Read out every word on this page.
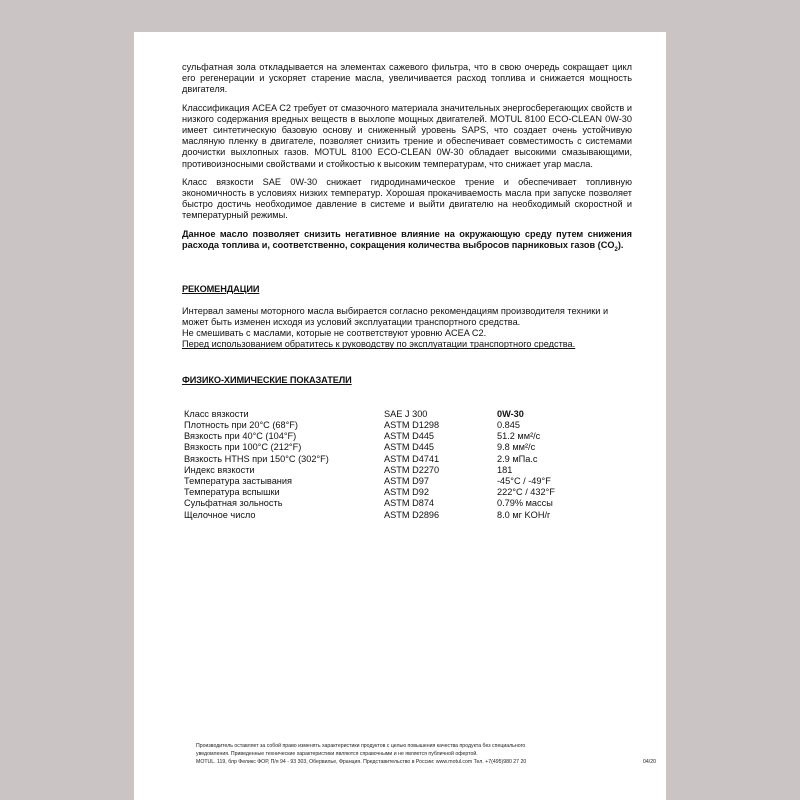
сульфатная зола откладывается на элементах сажевого фильтра, что в свою очередь сокращает цикл его регенерации и ускоряет старение масла, увеличивается расход топлива и снижается мощность двигателя.

Классификация ACEA C2 требует от смазочного материала значительных энергосберегающих свойств и низкого содержания вредных веществ в выхлопе мощных двигателей. MOTUL 8100 ECO-CLEAN 0W-30 имеет синтетическую базовую основу и сниженный уровень SAPS, что создает очень устойчивую масляную пленку в двигателе, позволяет снизить трение и обеспечивает совместимость с системами доочистки выхлопных газов. MOTUL 8100 ECO-CLEAN 0W-30 обладает высокими смазывающими, противоизносными свойствами и стойкостью к высоким температурам, что снижает угар масла.

Класс вязкости SAE 0W-30 снижает гидродинамическое трение и обеспечивает топливную экономичность в условиях низких температур. Хорошая прокачиваемость масла при запуске позволяет быстро достичь необходимое давление в системе и выйти двигателю на необходимый скоростной и температурный режимы.

Данное масло позволяет снизить негативное влияние на окружающую среду путем снижения расхода топлива и, соответственно, сокращения количества выбросов парниковых газов $(CO_2)$.

РЕКОМЕНДАЦИИ

Интервал замены моторного масла выбирается согласно рекомендациям производителя техники и может быть изменен исходя из условий эксплуатации транспортного средства.

Не смешивать с маслами, которые не соответствуют уровню ACEA C2.

Перед использованием обратитесь к руководству по эксплуатации транспортного средства.

ФИЗИКО-ХИМИЧЕСКИЕ ПОКАЗАТЕЛИ
Класс вязкости	SAE J 300	0W-30
Плотность при 20°C (68°F)	ASTM D1298	0.845
Вязкость при 40°C (104°F)	ASTM D445	51.2 мм²/с
Вязкость при 100°C (212°F)	ASTM D445	9.8 мм²/с
Вязкость HTHS при 150°C (302°F)	ASTM D4741	2.9 мПа.с
Индекс вязкости	ASTM D2270	181
Температура застывания	ASTM D97	-45°C / -49°F
Температура вспышки	ASTM D92	222°C / 432°F
Сульфатная зольность	ASTM D874	0.79% массы
Щелочное число	ASTM D2896	8.0 мг KOH/г
Производитель оставляет за собой право изменять характеристики продуктов с целью повышения качества продукта без специального
уведомления. Приведенные технические характеристики являются справочными и не является публичной офертой.
MOTUL. 119, блр Феликс ФОР, П/я 94 - 93 303, Обервилье, Франция. Представительство в России: www.motul.com Тел. +7(495)980 27 20	04/20
